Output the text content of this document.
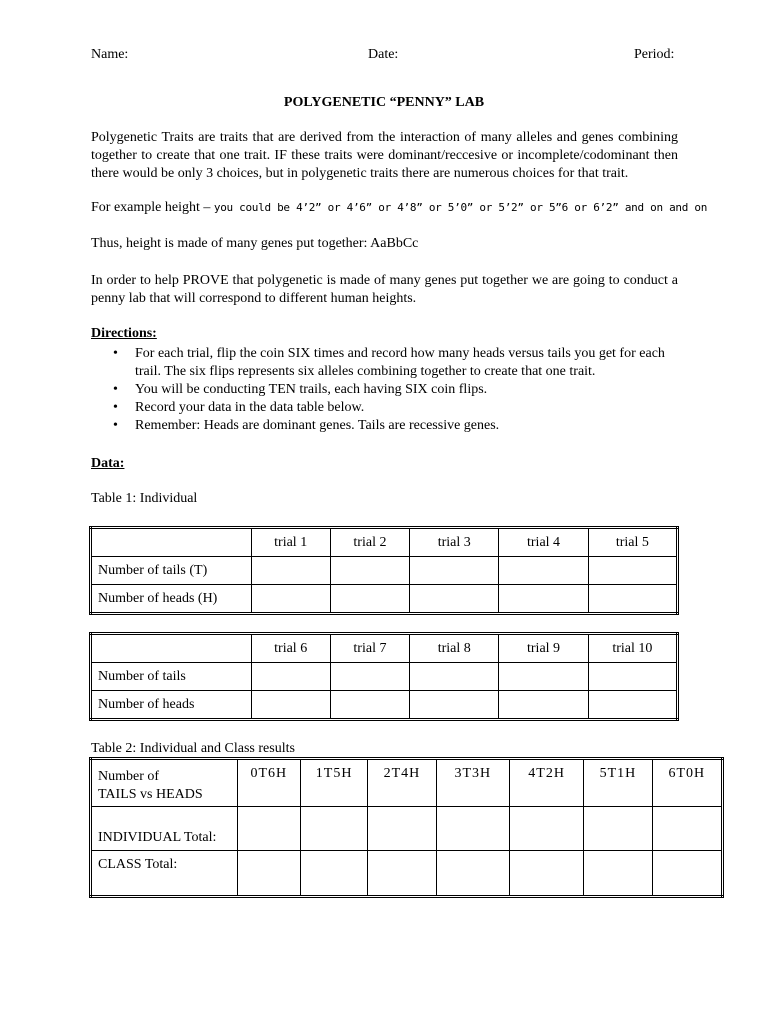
Name:	Date:	Period:
POLYGENETIC “PENNY” LAB
Polygenetic Traits are traits that are derived from the interaction of many alleles and genes combining together to create that one trait. IF these traits were dominant/reccesive or incomplete/codominant then there would be only 3 choices, but in polygenetic traits there are numerous choices for that trait.
For example height – you could be 4’2” or 4’6” or 4’8” or 5’0” or 5’2” or 5”6 or 6’2” and on and on
Thus, height is made of many genes put together: AaBbCc
In order to help PROVE that polygenetic is made of many genes put together we are going to conduct a penny lab that will correspond to different human heights.
Directions:
• For each trial, flip the coin SIX times and record how many heads versus tails you get for each trail. The six flips represents six alleles combining together to create that one trait.
• You will be conducting TEN trails, each having SIX coin flips.
• Record your data in the data table below.
• Remember: Heads are dominant genes. Tails are recessive genes.
Data:
Table 1: Individual
	trial 1	trial 2	trial 3	trial 4	trial 5
Number of tails (T)					
Number of heads (H)					
	trial 6	trial 7	trial 8	trial 9	trial 10
Number of tails					
Number of heads					
Table 2: Individual and Class results
Number of
TAILS vs HEADS	0T6H	1T5H	2T4H	3T3H	4T2H	5T1H	6T0H
INDIVIDUAL Total:							
CLASS Total:							
